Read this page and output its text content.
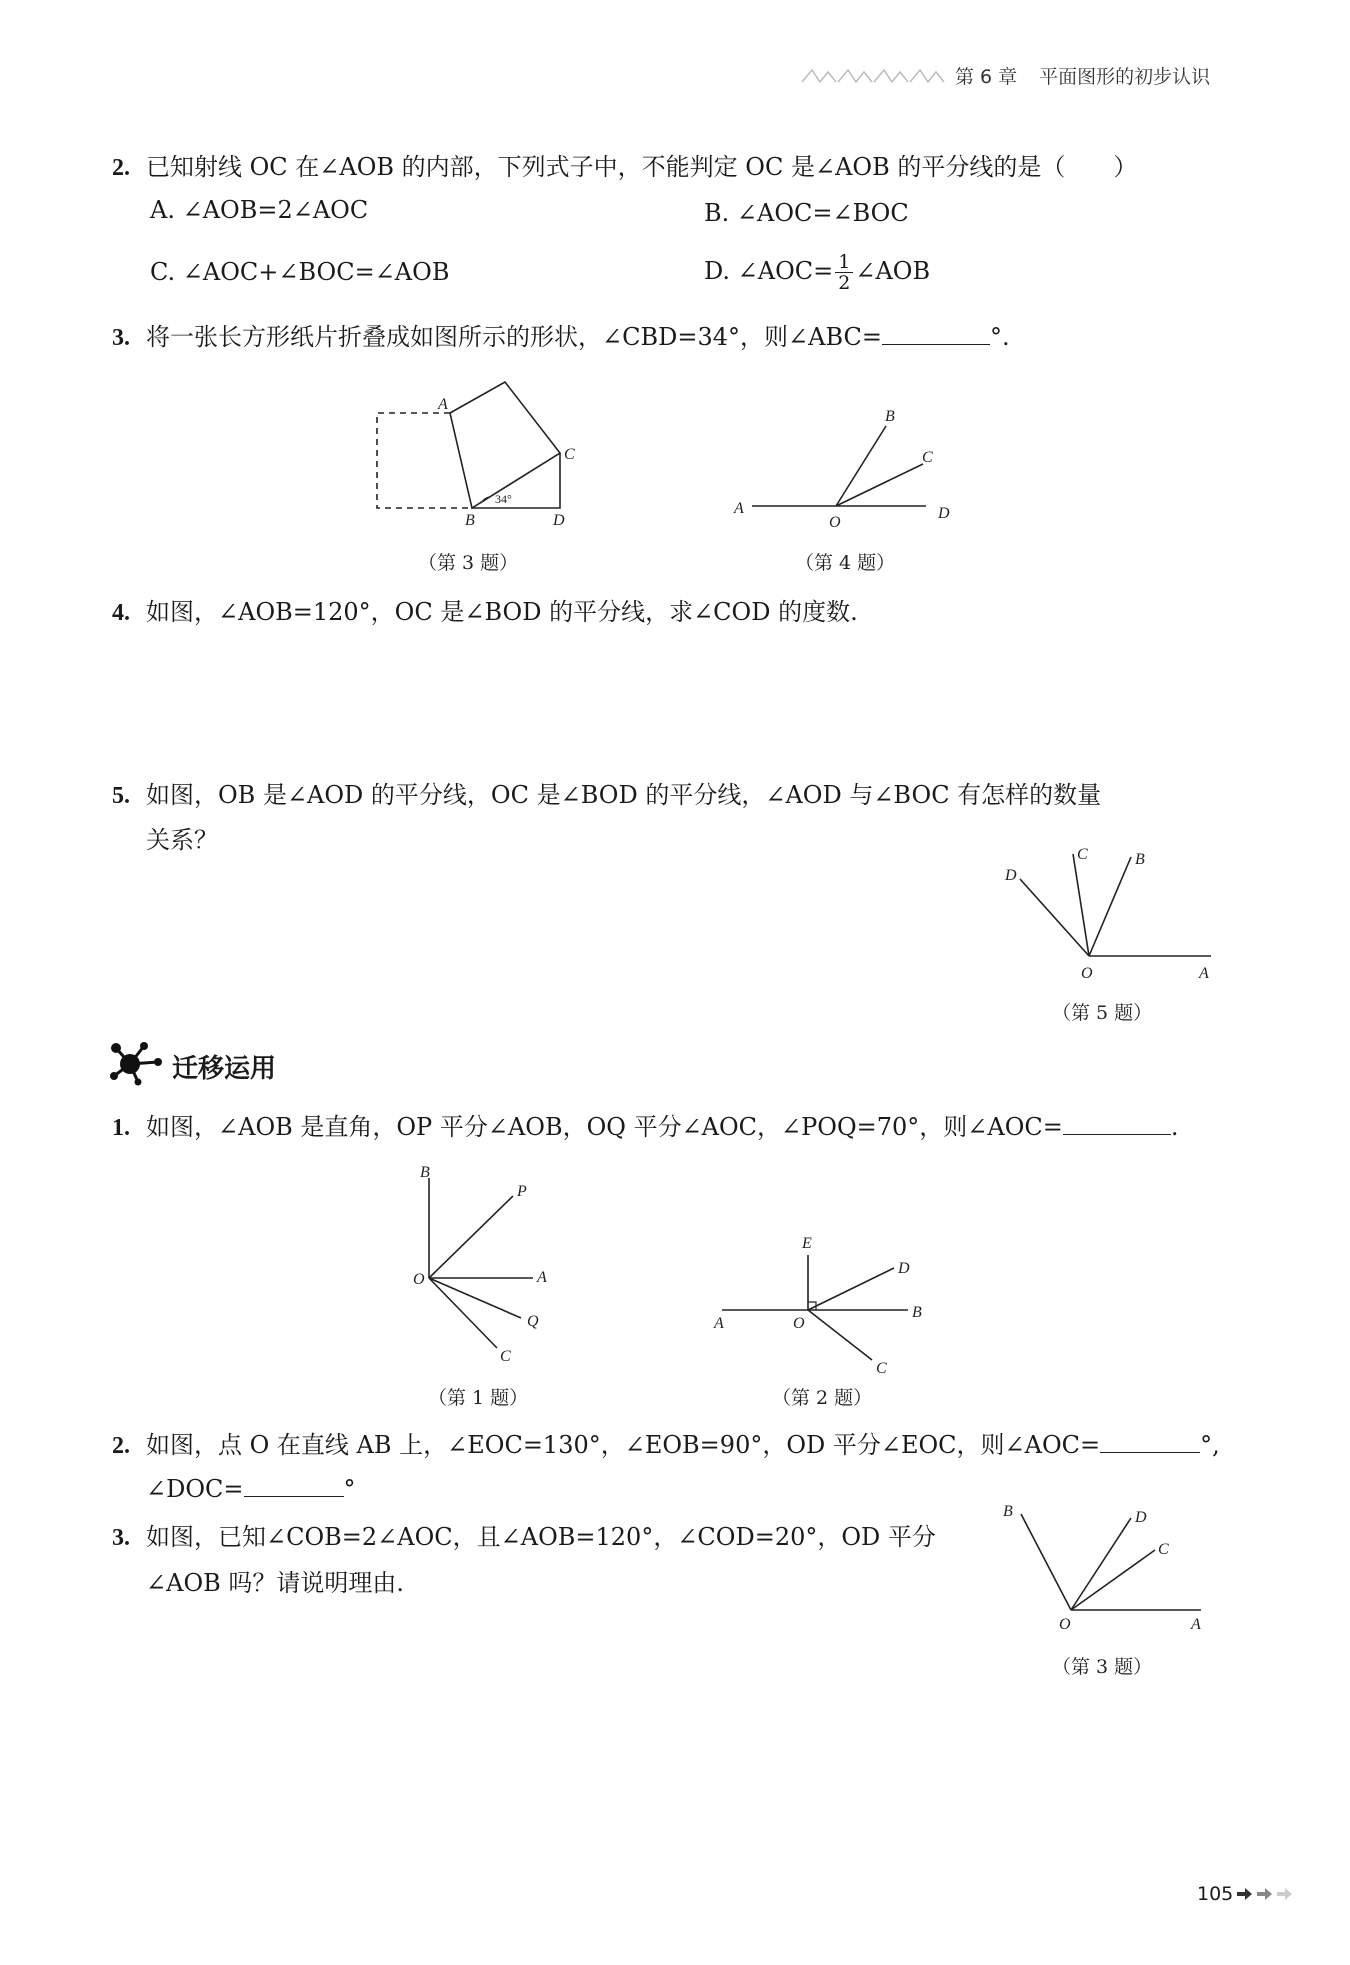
第 6 章 平面图形的初步认识
2. 已知射线 OC 在∠AOB 的内部，下列式子中，不能判定 OC 是∠AOB 的平分线的是（　　）
A. ∠AOB=2∠AOC	B. ∠AOC=∠BOC
C. ∠AOC+∠BOC=∠AOB	D. ∠AOC= $\frac{1}{2}$ ∠AOB
3. 将一张长方形纸片折叠成如图所示的形状，∠CBD=34°，则∠ABC=	°.
A
C
B	D
34°
（第 3 题）
A
O
B
C
D
（第 4 题）
4. 如图，∠AOB=120°，OC 是∠BOD 的平分线，求∠COD 的度数.
5. 如图，OB 是∠AOD 的平分线，OC 是∠BOD 的平分线，∠AOD 与∠BOC 有怎样的数量
关系？
D
C	B
O	A
（第 5 题）
迁移运用
1. 如图，∠AOB 是直角，OP 平分∠AOB，OQ 平分∠AOC，∠POQ=70°，则∠AOC=	.
B
P
O	A
Q
C
（第 1 题）
E
D
B
A	O
C
（第 2 题）
2. 如图，点 O 在直线 AB 上，∠EOC=130°，∠EOB=90°，OD 平分∠EOC，则∠AOC=	°,
∠DOC=	°
3. 如图，已知∠COB=2∠AOC，且∠AOB=120°，∠COD=20°，OD 平分
∠AOB 吗？请说明理由.
B	D
C
O	A
（第 3 题）
105
